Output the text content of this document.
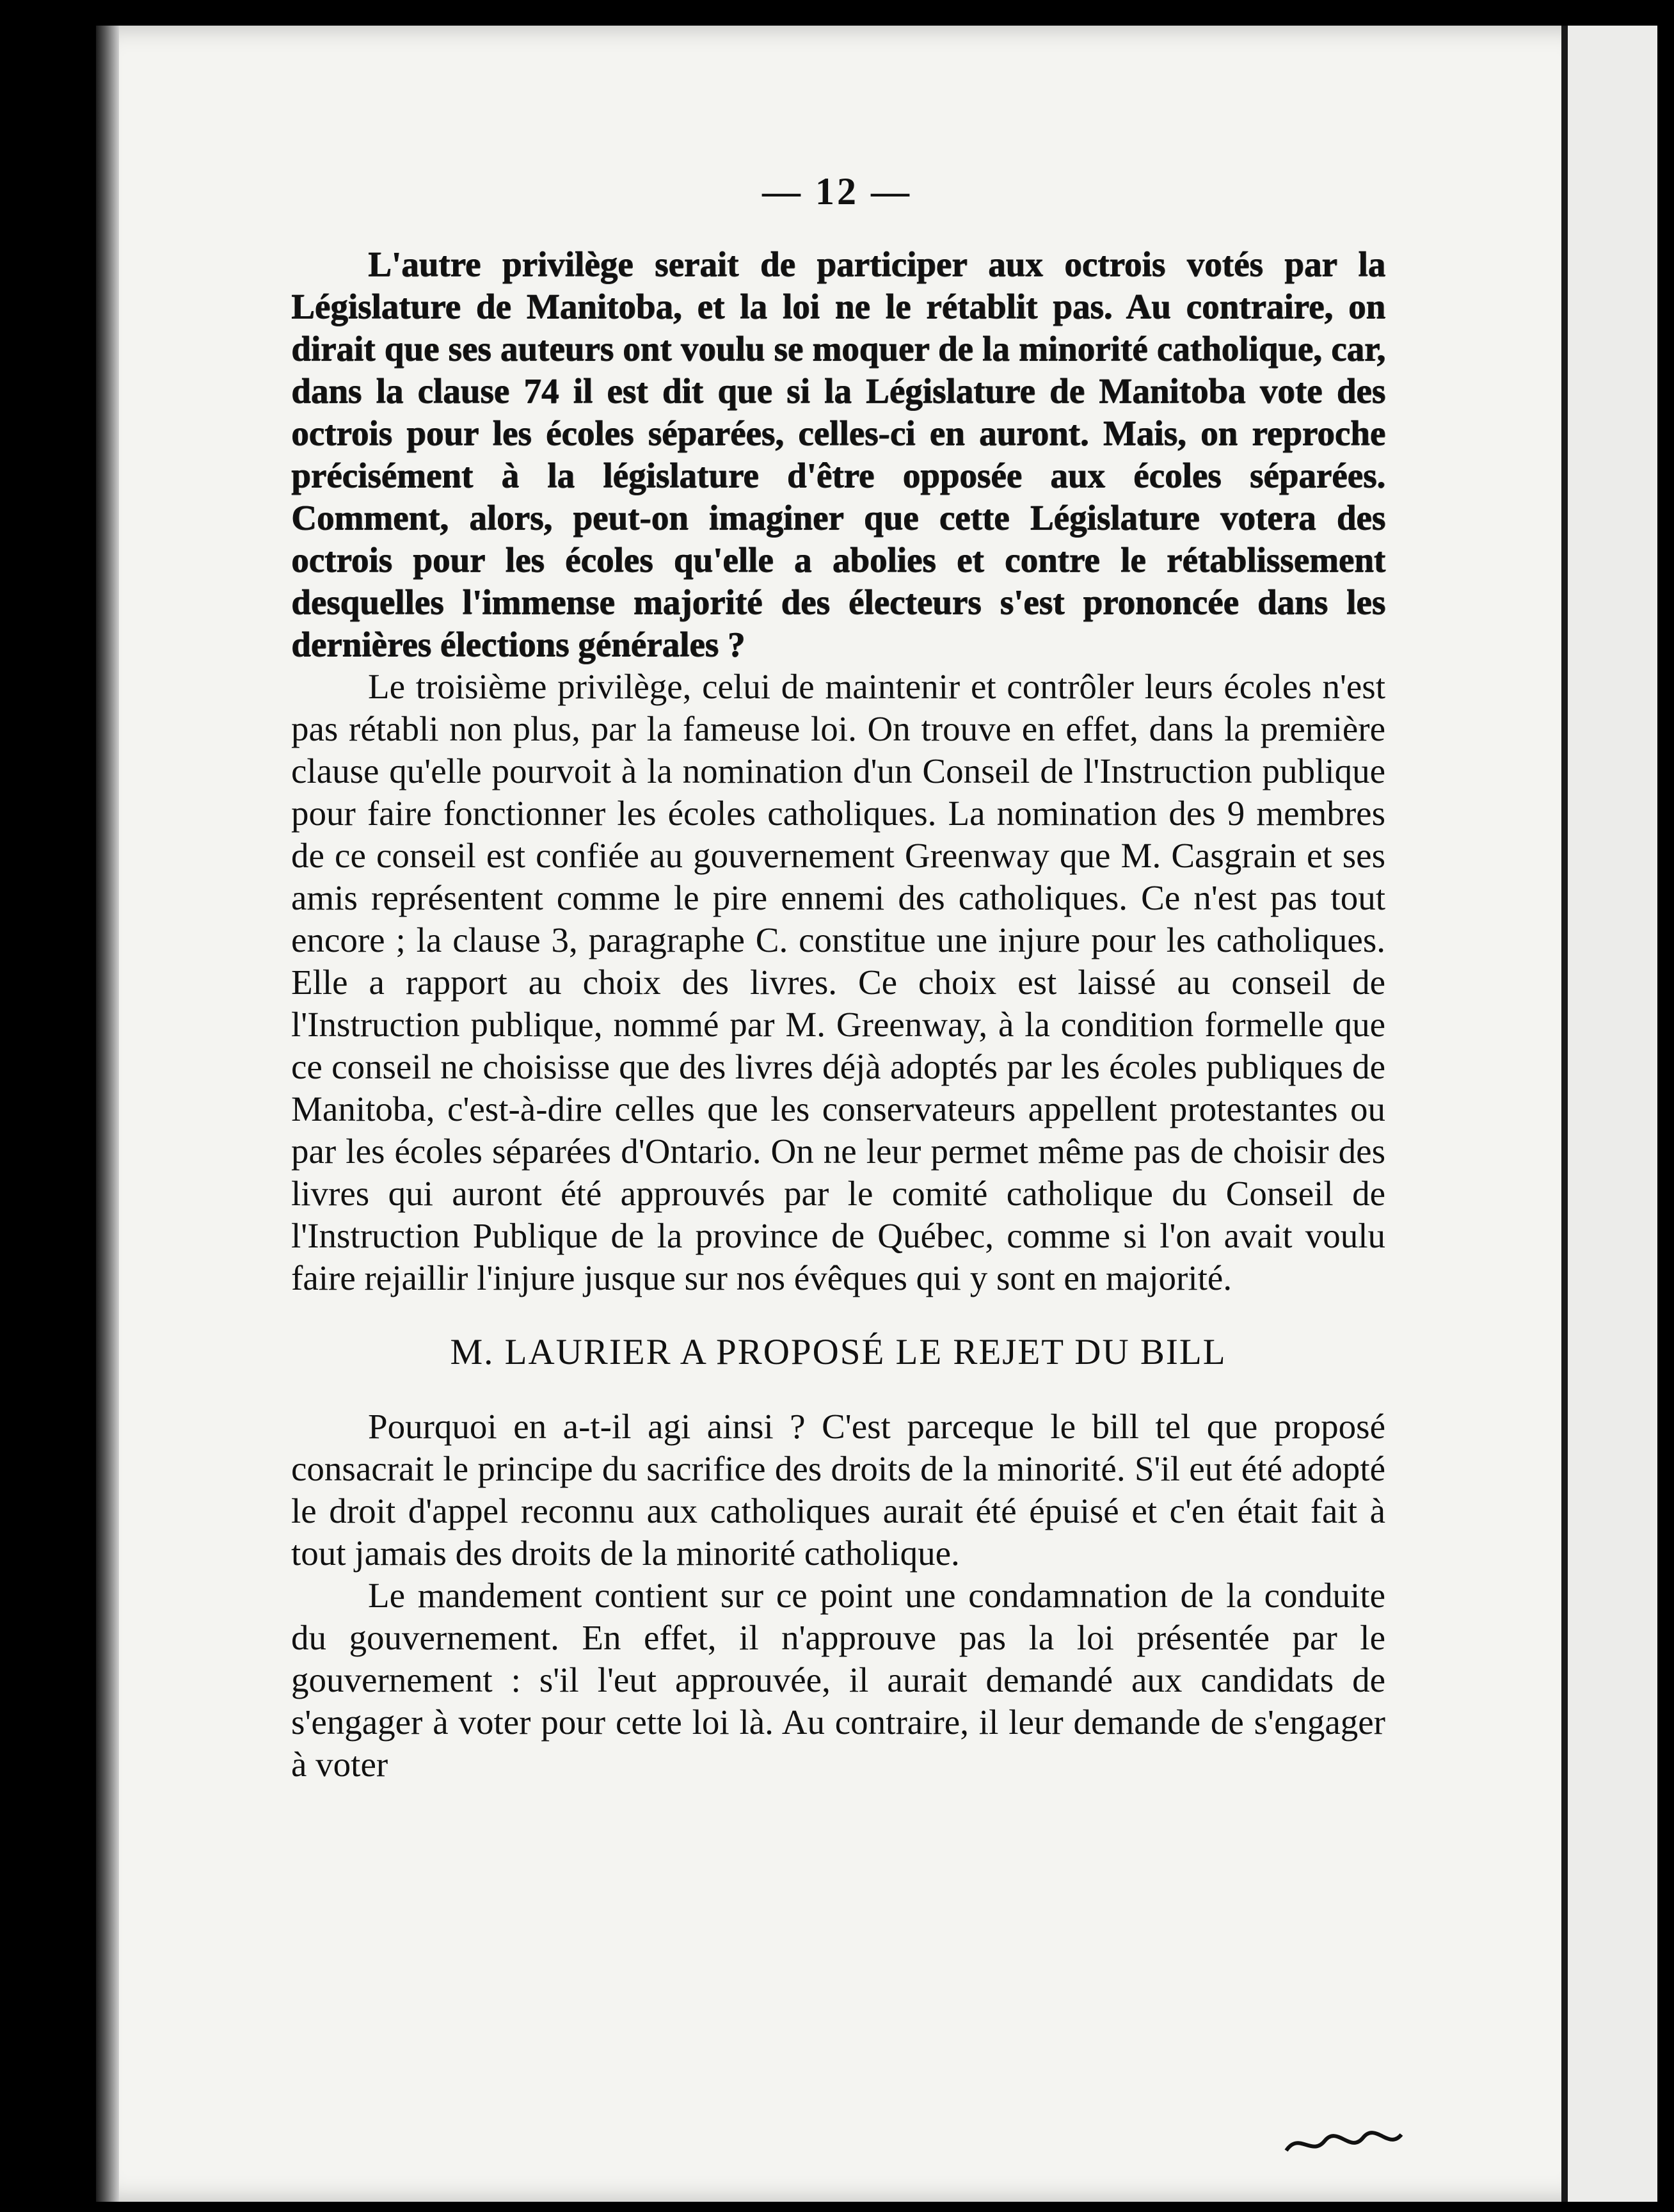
— 12 —

L'autre privilège serait de participer aux octrois votés par la Législature de Manitoba, et la loi ne le rétablit pas. Au contraire, on dirait que ses auteurs ont voulu se moquer de la minorité catholique, car, dans la clause 74 il est dit que si la Législature de Manitoba vote des octrois pour les écoles séparées, celles-ci en auront. Mais, on reproche précisément à la législature d'être opposée aux écoles séparées. Comment, alors, peut-on imaginer que cette Législature votera des octrois pour les écoles qu'elle a abolies et contre le rétablissement desquelles l'immense majorité des électeurs s'est prononcée dans les dernières élections générales ?

Le troisième privilège, celui de maintenir et contrôler leurs écoles n'est pas rétabli non plus, par la fameuse loi. On trouve en effet, dans la première clause qu'elle pourvoit à la nomination d'un Conseil de l'Instruction publique pour faire fonctionner les écoles catholiques. La nomination des 9 membres de ce conseil est confiée au gouvernement Greenway que M. Casgrain et ses amis représentent comme le pire ennemi des catholiques. Ce n'est pas tout encore ; la clause 3, paragraphe C. constitue une injure pour les catholiques. Elle a rapport au choix des livres. Ce choix est laissé au conseil de l'Instruction publique, nommé par M. Greenway, à la condition formelle que ce conseil ne choisisse que des livres déjà adoptés par les écoles publiques de Manitoba, c'est-à-dire celles que les conservateurs appellent protestantes ou par les écoles séparées d'Ontario. On ne leur permet même pas de choisir des livres qui auront été approuvés par le comité catholique du Conseil de l'Instruction Publique de la province de Québec, comme si l'on avait voulu faire rejaillir l'injure jusque sur nos évêques qui y sont en majorité.

M. LAURIER A PROPOSÉ LE REJET DU BILL

Pourquoi en a-t-il agi ainsi ? C'est parceque le bill tel que proposé consacrait le principe du sacrifice des droits de la minorité. S'il eut été adopté le droit d'appel reconnu aux catholiques aurait été épuisé et c'en était fait à tout jamais des droits de la minorité catholique.

Le mandement contient sur ce point une condamnation de la conduite du gouvernement. En effet, il n'approuve pas la loi présentée par le gouvernement : s'il l'eut approuvée, il aurait demandé aux candidats de s'engager à voter pour cette loi là. Au contraire, il leur demande de s'engager à voter
